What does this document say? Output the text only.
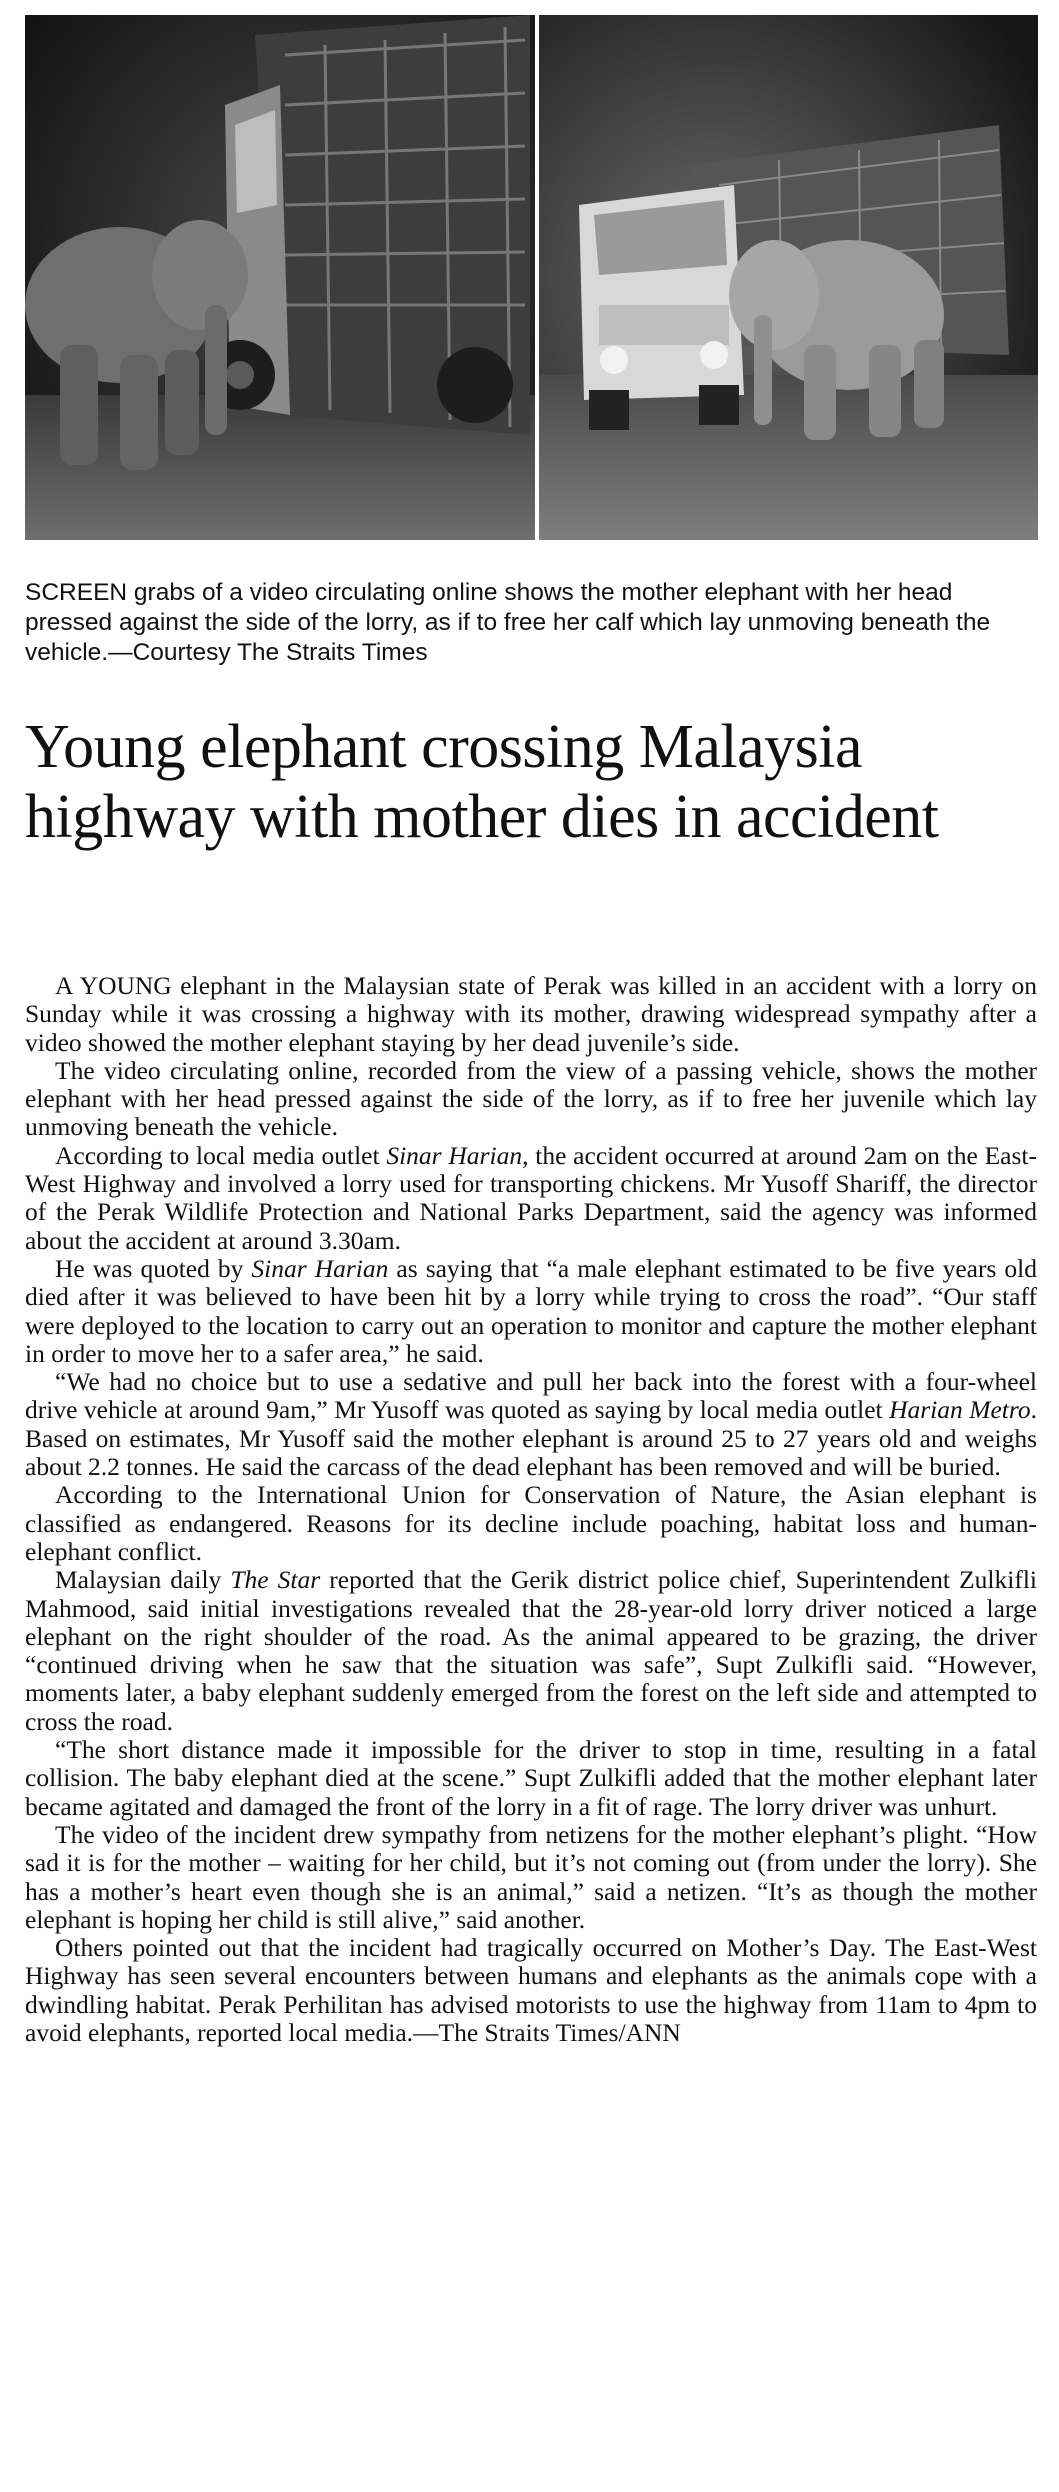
SCREEN grabs of a video circulating online shows the mother elephant with her head pressed against the side of the lorry, as if to free her calf which lay unmoving beneath the vehicle.—Courtesy The Straits Times
Young elephant crossing Malaysia highway with mother dies in accident

A YOUNG elephant in the Malaysian state of Perak was killed in an accident with a lorry on Sunday while it was crossing a highway with its mother, drawing widespread sympathy after a video showed the mother elephant staying by her dead juvenile’s side.

The video circulating online, recorded from the view of a passing vehicle, shows the mother elephant with her head pressed against the side of the lorry, as if to free her juvenile which lay unmoving beneath the vehicle.

According to local media outlet Sinar Harian, the accident occurred at around 2am on the East-West Highway and involved a lorry used for transporting chickens. Mr Yusoff Shariff, the director of the Perak Wildlife Protection and National Parks Department, said the agency was informed about the accident at around 3.30am.

He was quoted by Sinar Harian as saying that “a male elephant estimated to be five years old died after it was believed to have been hit by a lorry while trying to cross the road”. “Our staff were deployed to the location to carry out an operation to monitor and capture the mother elephant in order to move her to a safer area,” he said.

“We had no choice but to use a sedative and pull her back into the forest with a four-wheel drive vehicle at around 9am,” Mr Yusoff was quoted as saying by local media outlet Harian Metro. Based on estimates, Mr Yusoff said the mother elephant is around 25 to 27 years old and weighs about 2.2 tonnes. He said the carcass of the dead elephant has been removed and will be buried.

According to the International Union for Conservation of Nature, the Asian elephant is classified as endangered. Reasons for its decline include poaching, habitat loss and human-elephant conflict.

Malaysian daily The Star reported that the Gerik district police chief, Superintendent Zulkifli Mahmood, said initial investigations revealed that the 28-year-old lorry driver noticed a large elephant on the right shoulder of the road. As the animal appeared to be grazing, the driver “continued driving when he saw that the situation was safe”, Supt Zulkifli said. “However, moments later, a baby elephant suddenly emerged from the forest on the left side and attempted to cross the road.

“The short distance made it impossible for the driver to stop in time, resulting in a fatal collision. The baby elephant died at the scene.” Supt Zulkifli added that the mother elephant later became agitated and damaged the front of the lorry in a fit of rage. The lorry driver was unhurt.

The video of the incident drew sympathy from netizens for the mother elephant’s plight. “How sad it is for the mother – waiting for her child, but it’s not coming out (from under the lorry). She has a mother’s heart even though she is an animal,” said a netizen. “It’s as though the mother elephant is hoping her child is still alive,” said another.

Others pointed out that the incident had tragically occurred on Mother’s Day. The East-West Highway has seen several encounters between humans and elephants as the animals cope with a dwindling habitat. Perak Perhilitan has advised motorists to use the highway from 11am to 4pm to avoid elephants, reported local media.—The Straits Times/ANN
